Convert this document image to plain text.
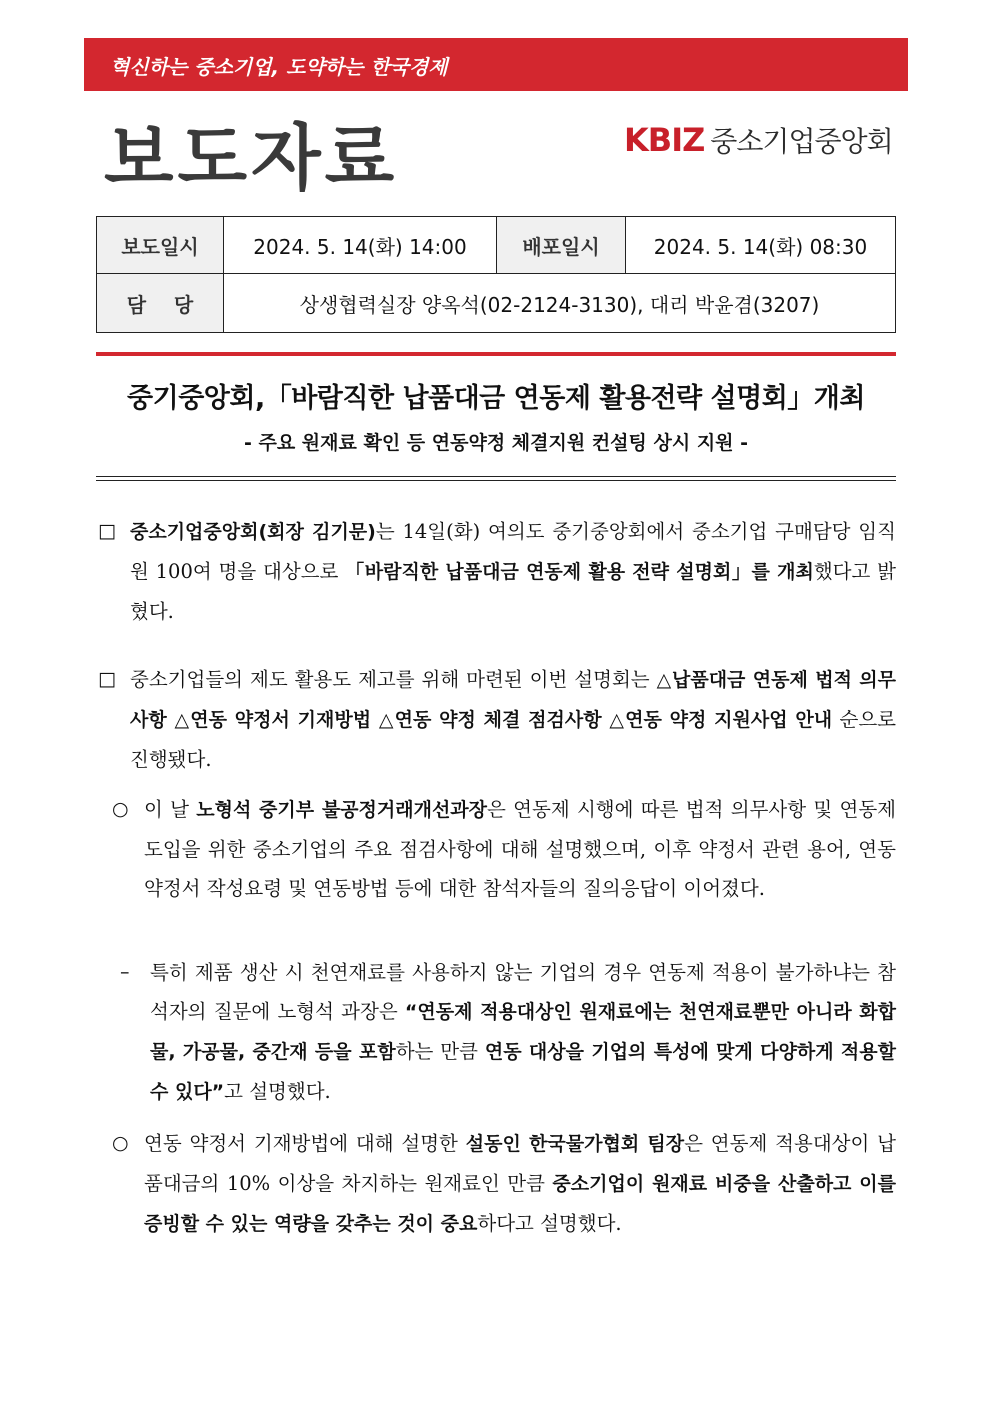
혁신하는 중소기업, 도약하는 한국경제
보도자료	KBIZ 중소기업중앙회
보도일시	2024. 5. 14(화) 14:00	배포일시	2024. 5. 14(화) 08:30
담    당	상생협력실장 양옥석(02-2124-3130), 대리 박윤겸(3207)		
중기중앙회,「바람직한 납품대금 연동제 활용전략 설명회」개최
- 주요 원재료 확인 등 연동약정 체결지원 컨설팅 상시 지원 -
□ 중소기업중앙회(회장 김기문)는 14일(화) 여의도 중기중앙회에서 중소기업 구매담당 임직원 100여 명을 대상으로 「바람직한 납품대금 연동제 활용 전략 설명회」를 개최했다고 밝혔다.
□ 중소기업들의 제도 활용도 제고를 위해 마련된 이번 설명회는 △납품대금 연동제 법적 의무사항 △연동 약정서 기재방법 △연동 약정 체결 점검사항 △연동 약정 지원사업 안내 순으로 진행됐다.
○ 이 날 노형석 중기부 불공정거래개선과장은 연동제 시행에 따른 법적 의무사항 및 연동제 도입을 위한 중소기업의 주요 점검사항에 대해 설명했으며, 이후 약정서 관련 용어, 연동약정서 작성요령 및 연동방법 등에 대한 참석자들의 질의응답이 이어졌다.
– 특히 제품 생산 시 천연재료를 사용하지 않는 기업의 경우 연동제 적용이 불가하냐는 참석자의 질문에 노형석 과장은 “연동제 적용대상인 원재료에는 천연재료뿐만 아니라 화합물, 가공물, 중간재 등을 포함하는 만큼 연동 대상을 기업의 특성에 맞게 다양하게 적용할 수 있다”고 설명했다.
○ 연동 약정서 기재방법에 대해 설명한 설동인 한국물가협회 팀장은 연동제 적용대상이 납품대금의 10% 이상을 차지하는 원재료인 만큼 중소기업이 원재료 비중을 산출하고 이를 증빙할 수 있는 역량을 갖추는 것이 중요하다고 설명했다.
